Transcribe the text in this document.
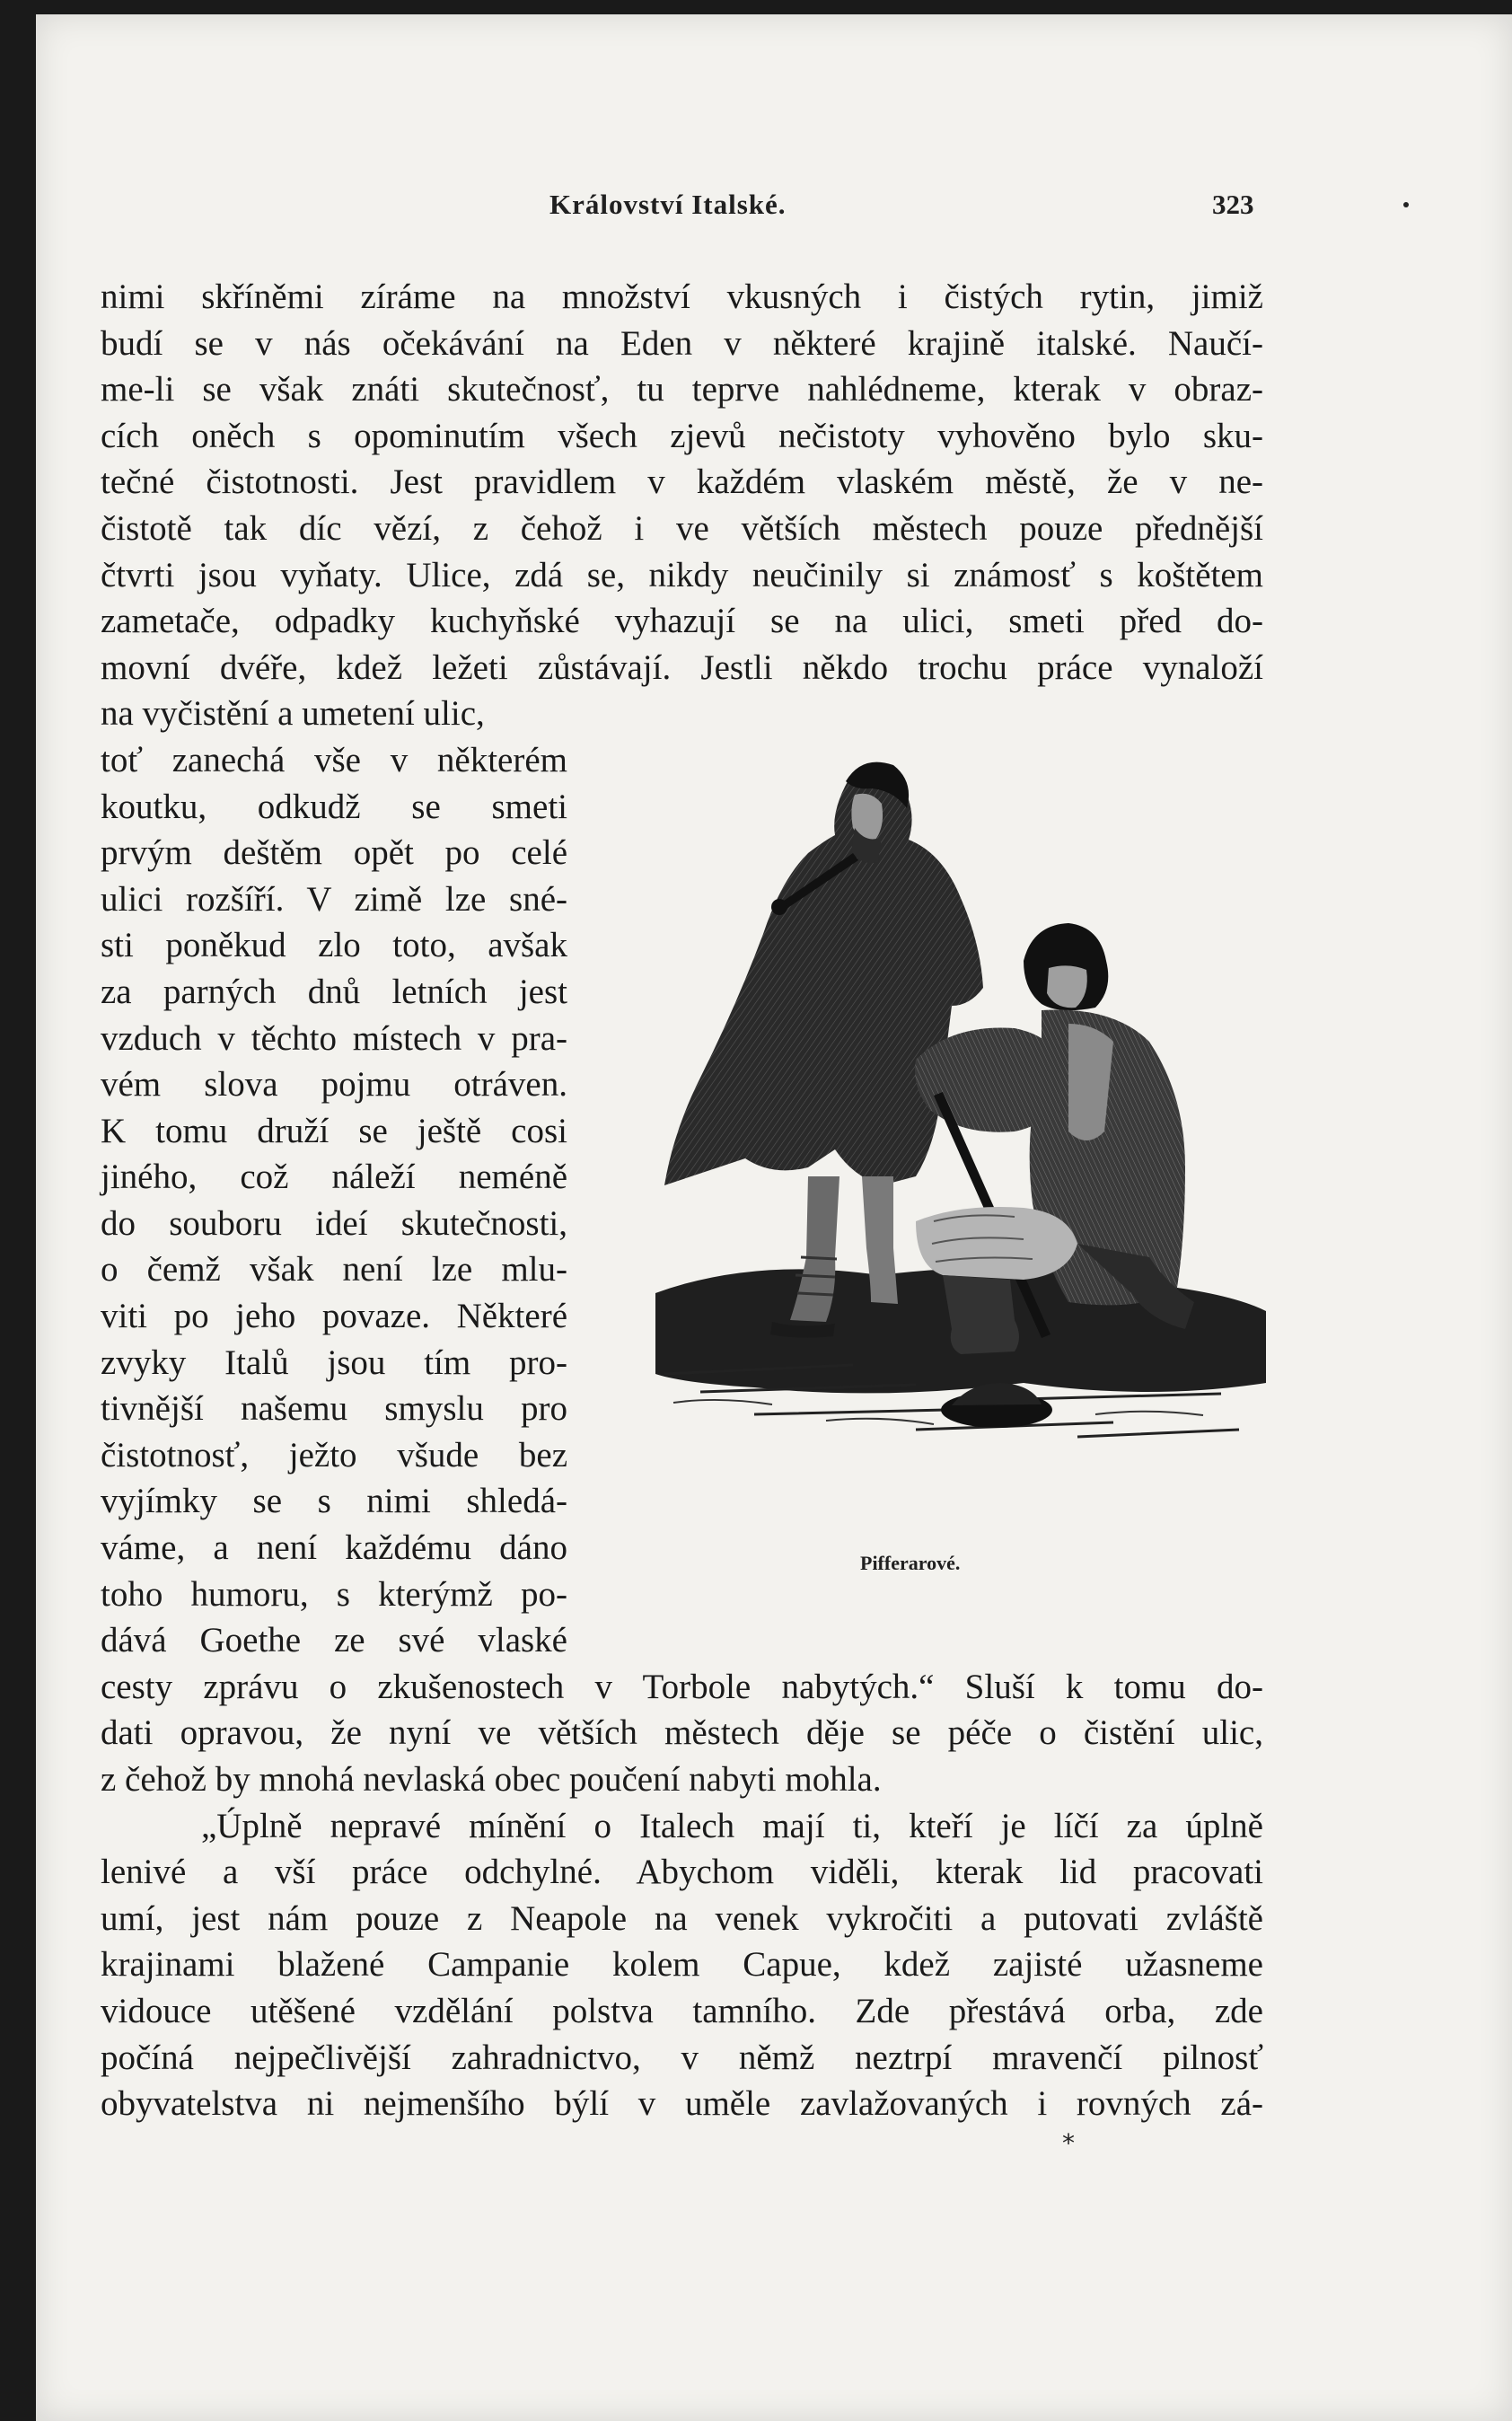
Království Italské.	323
nimi skříněmi zíráme na množství vkusných i čistých rytin, jimiž
budí se v nás očekávání na Eden v některé krajině italské. Naučí-
me-li se však znáti skutečnosť, tu teprve nahlédneme, kterak v obraz-
cích oněch s opominutím všech zjevů nečistoty vyhověno bylo sku-
tečné čistotnosti. Jest pravidlem v každém vlaském městě, že v ne-
čistotě tak díc vězí, z čehož i ve větších městech pouze přednější
čtvrti jsou vyňaty. Ulice, zdá se, nikdy neučinily si známosť s koštětem
zametače, odpadky kuchyňské vyhazují se na ulici, smeti před do-
movní dvéře, kdež ležeti zůstávají. Jestli někdo trochu práce vynaloží
na vyčistění a umetení ulic,
toť zanechá vše v některém
koutku, odkudž se smeti
prvým deštěm opět po celé
ulici rozšíří. V zimě lze sné-
sti poněkud zlo toto, avšak
za parných dnů letních jest
vzduch v těchto místech v pra-
vém slova pojmu otráven.
K tomu druží se ještě cosi
jiného, což náleží neméně
do souboru ideí skutečnosti,
o čemž však není lze mlu-
viti po jeho povaze. Některé
zvyky Italů jsou tím pro-
tivnější našemu smyslu pro
čistotnosť, ježto všude bez
vyjímky se s nimi shledá-
váme, a není každému dáno
toho humoru, s kterýmž po-
dává Goethe ze své vlaské
cesty zprávu o zkušenostech v Torbole nabytých.“ Sluší k tomu do-
dati opravou, že nyní ve větších městech děje se péče o čistění ulic,
z čehož by mnohá nevlaská obec poučení nabyti mohla.
„Úplně nepravé mínění o Italech mají ti, kteří je líčí za úplně
lenivé a vší práce odchylné. Abychom viděli, kterak lid pracovati
umí, jest nám pouze z Neapole na venek vykročiti a putovati zvláště
krajinami blažené Campanie kolem Capue, kdež zajisté užasneme
vidouce utěšené vzdělání polstva tamního. Zde přestává orba, zde
počíná nejpečlivější zahradnictvo, v němž neztrpí mravenčí pilnosť
obyvatelstva ni nejmenšího býlí v uměle zavlažovaných i rovných zá-
Pifferarové.
*
